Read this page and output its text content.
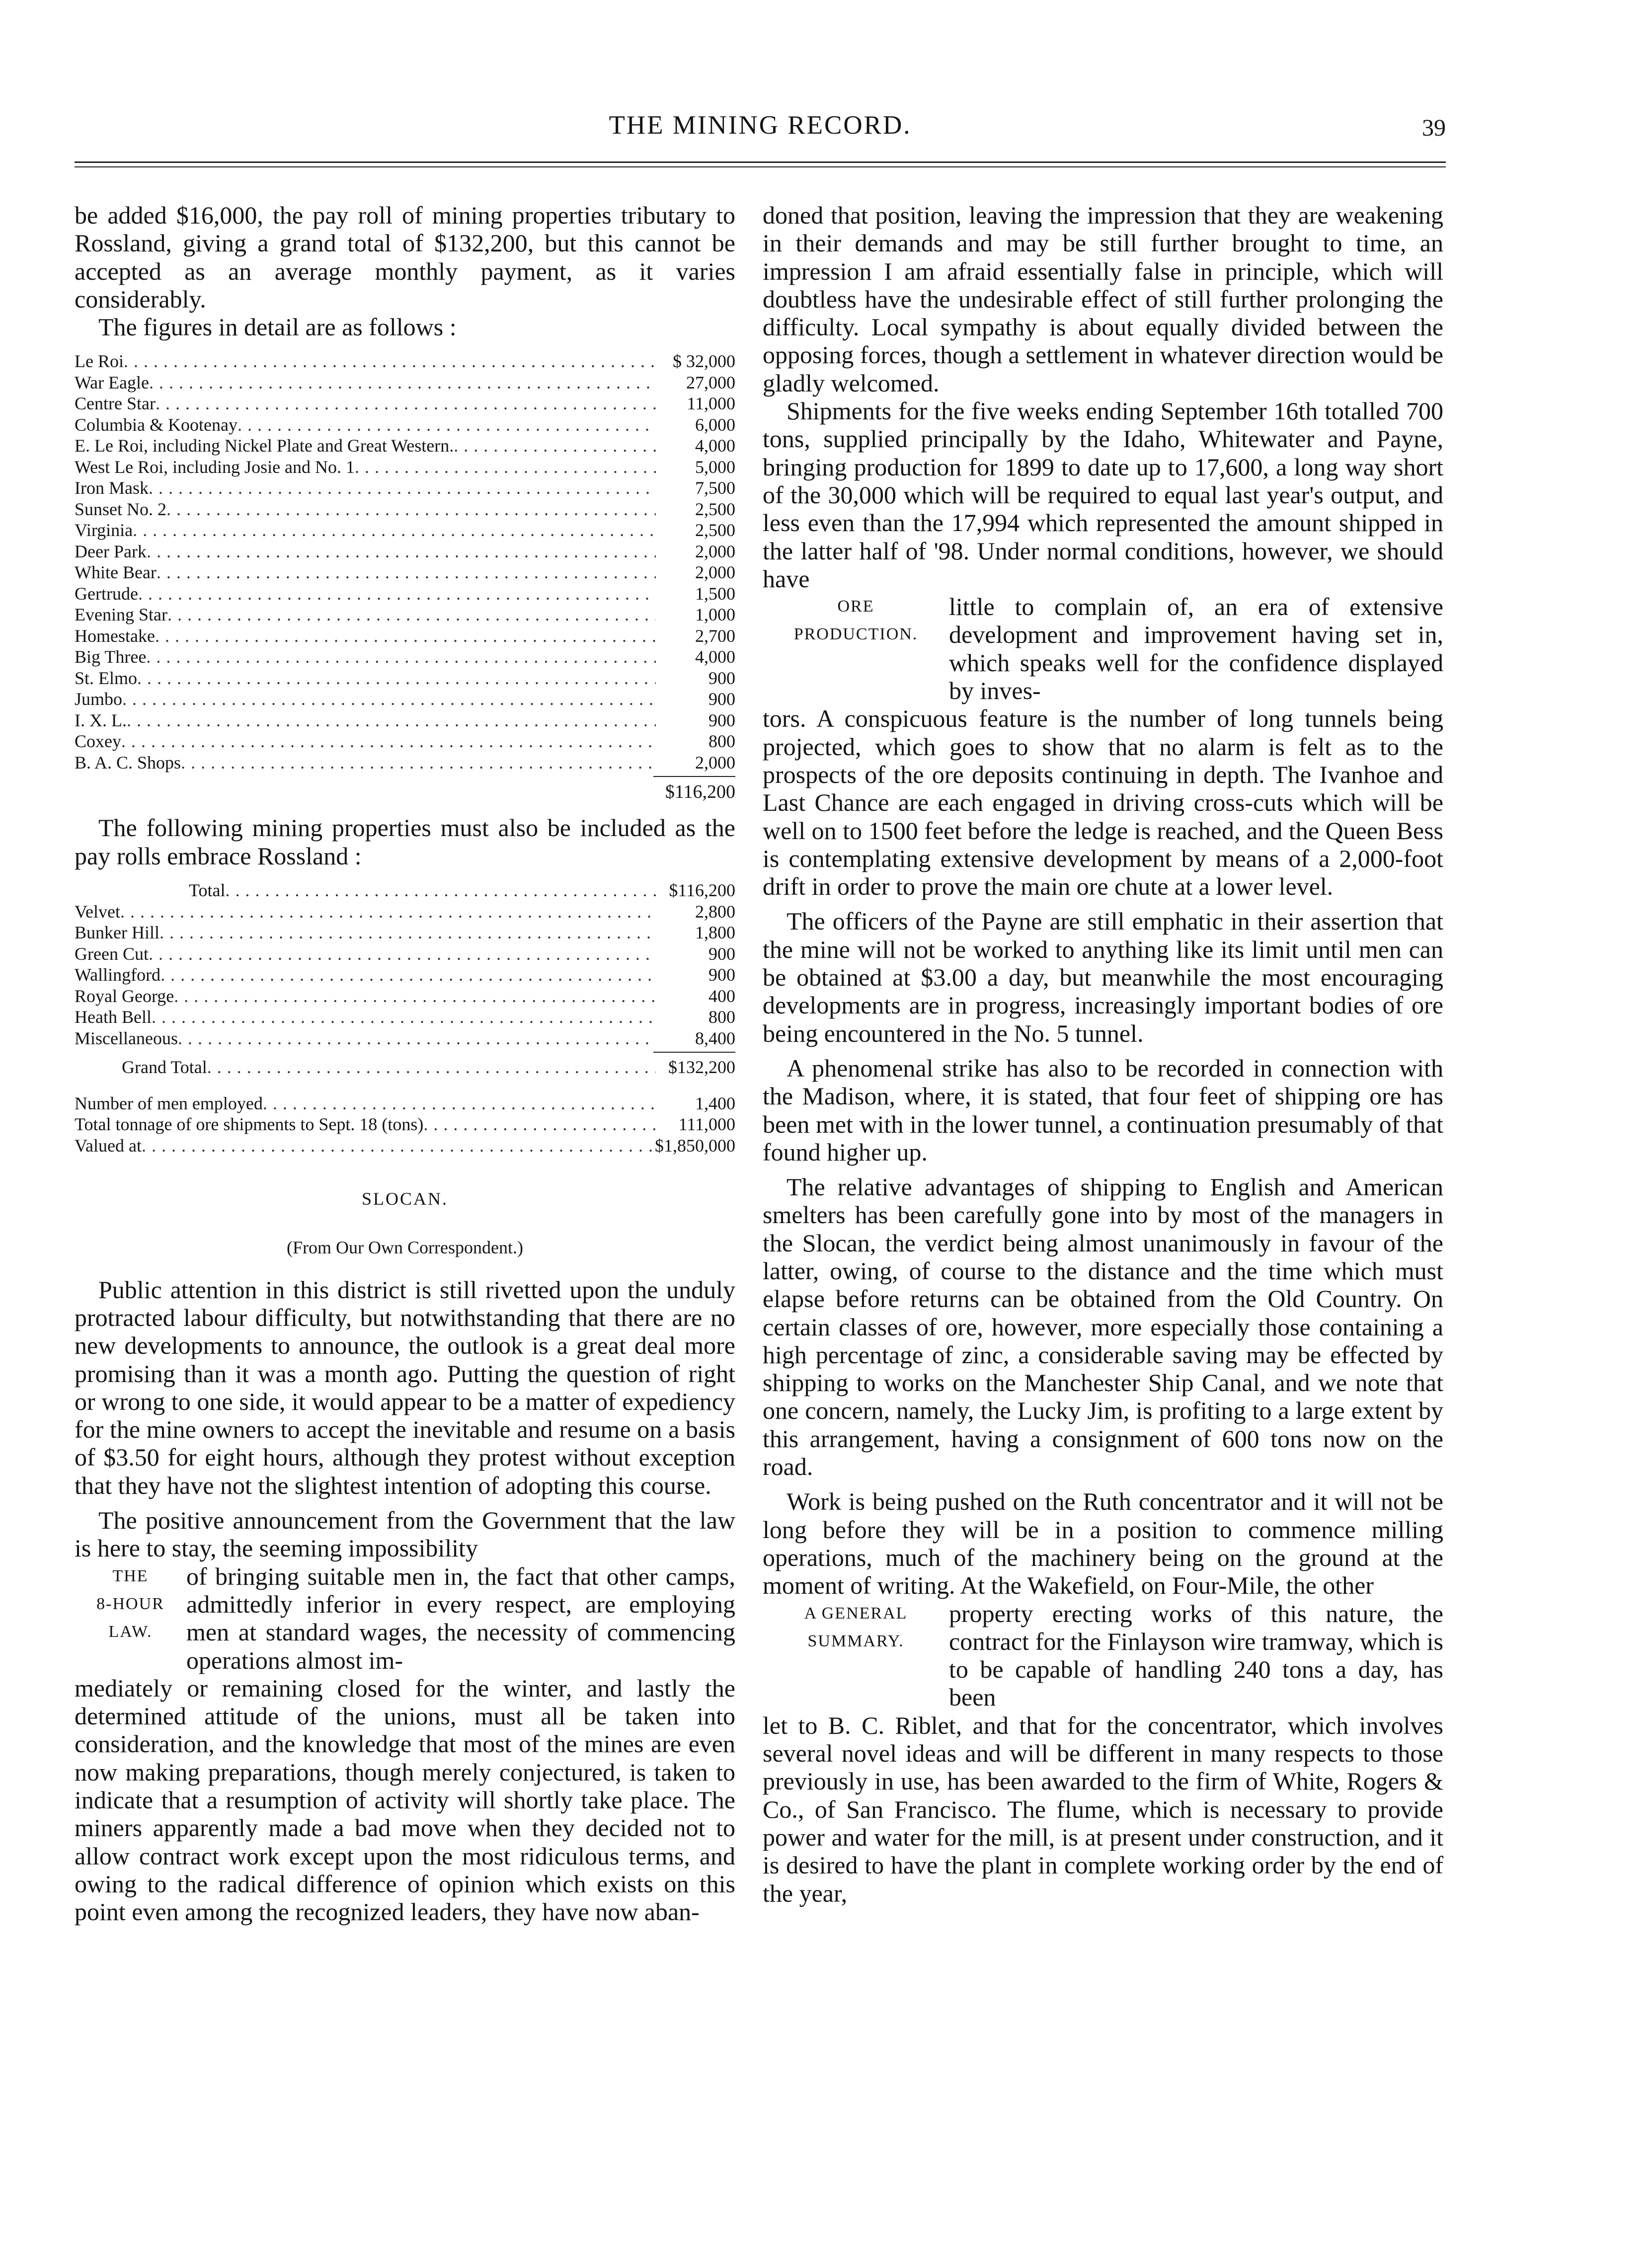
THE MINING RECORD.	39

be added $16,000, the pay roll of mining properties tributary to Rossland, giving a grand total of $132,200, but this cannot be accepted as an average monthly payment, as it varies considerably.

The figures in detail are as follows :

Le Roi . . .	$ 32,000
War Eagle . . .	27,000
Centre Star . . .	11,000
Columbia & Kootenay . . .	6,000
E. Le Roi, including Nickel Plate and Great Western. . . .	4,000
West Le Roi, including Josie and No. 1 . . .	5,000
Iron Mask . . .	7,500
Sunset No. 2 . . .	2,500
Virginia . . .	2,500
Deer Park . . .	2,000
White Bear . . .	2,000
Gertrude . . .	1,500
Evening Star . . .	1,000
Homestake . . .	2,700
Big Three . . .	4,000
St. Elmo . . .	900
Jumbo . . .	900
I. X. L. . . .	900
Coxey . . .	800
B. A. C. Shops . . .	2,000
$116,200

The following mining properties must also be included as the pay rolls embrace Rossland :

Total . . .	$116,200
Velvet . . .	2,800
Bunker Hill . . .	1,800
Green Cut . . .	900
Wallingford . . .	900
Royal George . . .	400
Heath Bell . . .	800
Miscellaneous . . .	8,400
Grand Total . . .	$132,200
Number of men employed . . .	1,400
Total tonnage of ore shipments to Sept. 18 (tons) . . .	111,000
Valued at . . .	$1,850,000
SLOCAN.
(From Our Own Correspondent.)

Public attention in this district is still rivetted upon the unduly protracted labour difficulty, but notwithstanding that there are no new developments to announce, the outlook is a great deal more promising than it was a month ago. Putting the question of right or wrong to one side, it would appear to be a matter of expediency for the mine owners to accept the inevitable and resume on a basis of $3.50 for eight hours, although they protest without exception that they have not the slightest intention of adopting this course.

The positive announcement from the Government that the law is here to stay, the seeming impossibility

THE
8-HOUR
LAW.

of bringing suitable men in, the fact that other camps, admittedly inferior in every respect, are employing men at standard wages, the necessity of commencing operations almost im-

mediately or remaining closed for the winter, and lastly the determined attitude of the unions, must all be taken into consideration, and the knowledge that most of the mines are even now making preparations, though merely conjectured, is taken to indicate that a resumption of activity will shortly take place. The miners apparently made a bad move when they decided not to allow contract work except upon the most ridiculous terms, and owing to the radical difference of opinion which exists on this point even among the recognized leaders, they have now aban-

doned that position, leaving the impression that they are weakening in their demands and may be still further brought to time, an impression I am afraid essentially false in principle, which will doubtless have the undesirable effect of still further prolonging the difficulty. Local sympathy is about equally divided between the opposing forces, though a settlement in whatever direction would be gladly welcomed.

Shipments for the five weeks ending September 16th totalled 700 tons, supplied principally by the Idaho, Whitewater and Payne, bringing production for 1899 to date up to 17,600, a long way short of the 30,000 which will be required to equal last year's output, and less even than the 17,994 which represented the amount shipped in the latter half of '98. Under normal conditions, however, we should have

ORE
PRODUCTION.

little to complain of, an era of extensive development and improvement having set in, which speaks well for the confidence displayed by inves-

tors. A conspicuous feature is the number of long tunnels being projected, which goes to show that no alarm is felt as to the prospects of the ore deposits continuing in depth. The Ivanhoe and Last Chance are each engaged in driving cross-cuts which will be well on to 1500 feet before the ledge is reached, and the Queen Bess is contemplating extensive development by means of a 2,000-foot drift in order to prove the main ore chute at a lower level.

The officers of the Payne are still emphatic in their assertion that the mine will not be worked to anything like its limit until men can be obtained at $3.00 a day, but meanwhile the most encouraging developments are in progress, increasingly important bodies of ore being encountered in the No. 5 tunnel.

A phenomenal strike has also to be recorded in connection with the Madison, where, it is stated, that four feet of shipping ore has been met with in the lower tunnel, a continuation presumably of that found higher up.

The relative advantages of shipping to English and American smelters has been carefully gone into by most of the managers in the Slocan, the verdict being almost unanimously in favour of the latter, owing, of course to the distance and the time which must elapse before returns can be obtained from the Old Country. On certain classes of ore, however, more especially those containing a high percentage of zinc, a considerable saving may be effected by shipping to works on the Manchester Ship Canal, and we note that one concern, namely, the Lucky Jim, is profiting to a large extent by this arrangement, having a consignment of 600 tons now on the road.

Work is being pushed on the Ruth concentrator and it will not be long before they will be in a position to commence milling operations, much of the machinery being on the ground at the moment of writing. At the Wakefield, on Four-Mile, the other

A GENERAL
SUMMARY.

property erecting works of this nature, the contract for the Finlayson wire tramway, which is to be capable of handling 240 tons a day, has been

let to B. C. Riblet, and that for the concentrator, which involves several novel ideas and will be different in many respects to those previously in use, has been awarded to the firm of White, Rogers & Co., of San Francisco. The flume, which is necessary to provide power and water for the mill, is at present under construction, and it is desired to have the plant in complete working order by the end of the year,
